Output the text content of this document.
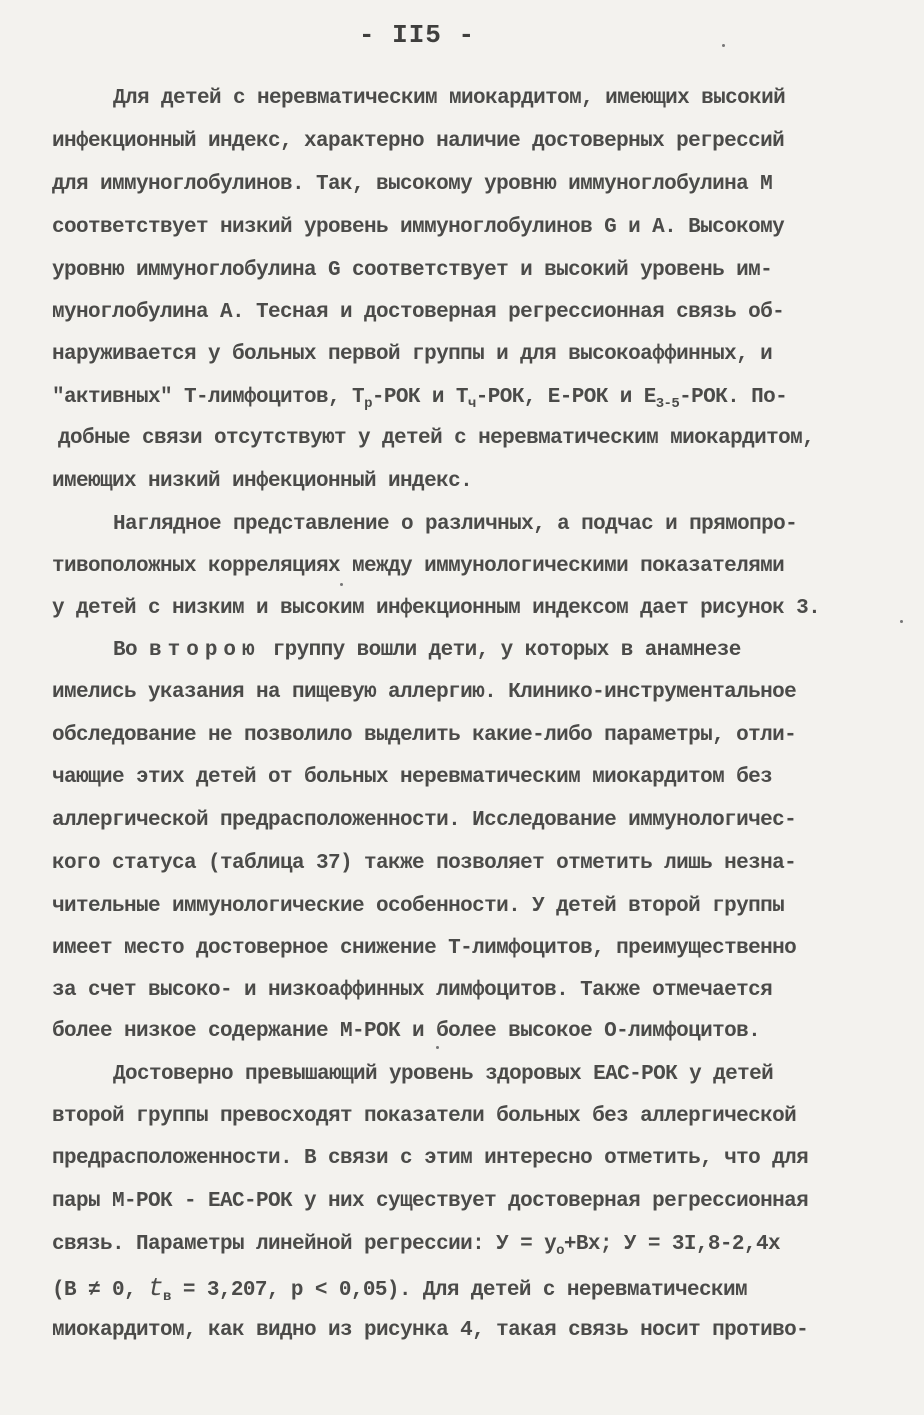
- II5 -
Для детей с неревматическим миокардитом, имеющих высокий
инфекционный индекс, характерно наличие достоверных регрессий
для иммуноглобулинов. Так, высокому уровню иммуноглобулина М
соответствует низкий уровень иммуноглобулинов G и А. Высокому
уровню иммуноглобулина G соответствует и высокий уровень им-
муноглобулина А. Тесная и достоверная регрессионная связь об-
наруживается у больных первой группы и для высокоаффинных, и
"активных" Т-лимфоцитов, $Т_р$-РОК и $Т_ч$-РОК, Е-РОК и $Е_{3-5}$-РОК. По-
добные связи отсутствуют у детей с неревматическим миокардитом,
имеющих низкий инфекционный индекс.
Наглядное представление о различных, а подчас и прямопро-
тивоположных корреляциях между иммунологическими показателями
у детей с низким и высоким инфекционным индексом дает рисунок 3.
Во второю группу вошли дети, у которых в анамнезе
имелись указания на пищевую аллергию. Клинико-инструментальное
обследование не позволило выделить какие-либо параметры, отли-
чающие этих детей от больных неревматическим миокардитом без
аллергической предрасположенности. Исследование иммунологичес-
кого статуса (таблица 37) также позволяет отметить лишь незна-
чительные иммунологические особенности. У детей второй группы
имеет место достоверное снижение Т-лимфоцитов, преимущественно
за счет высоко- и низкоаффинных лимфоцитов. Также отмечается
более низкое содержание М-РОК и более высокое О-лимфоцитов.
Достоверно превышающий уровень здоровых ЕАС-РОК у детей
второй группы превосходят показатели больных без аллергической
предрасположенности. В связи с этим интересно отметить, что для
пары М-РОК - ЕАС-РОК у них существует достоверная регрессионная
связь. Параметры линейной регрессии: $У = у_о+Вх$; У = 3I,8-2,4х
(В ≠ 0, $t_в = 3,207$, р < 0,05). Для детей с неревматическим
миокардитом, как видно из рисунка 4, такая связь носит противо-
